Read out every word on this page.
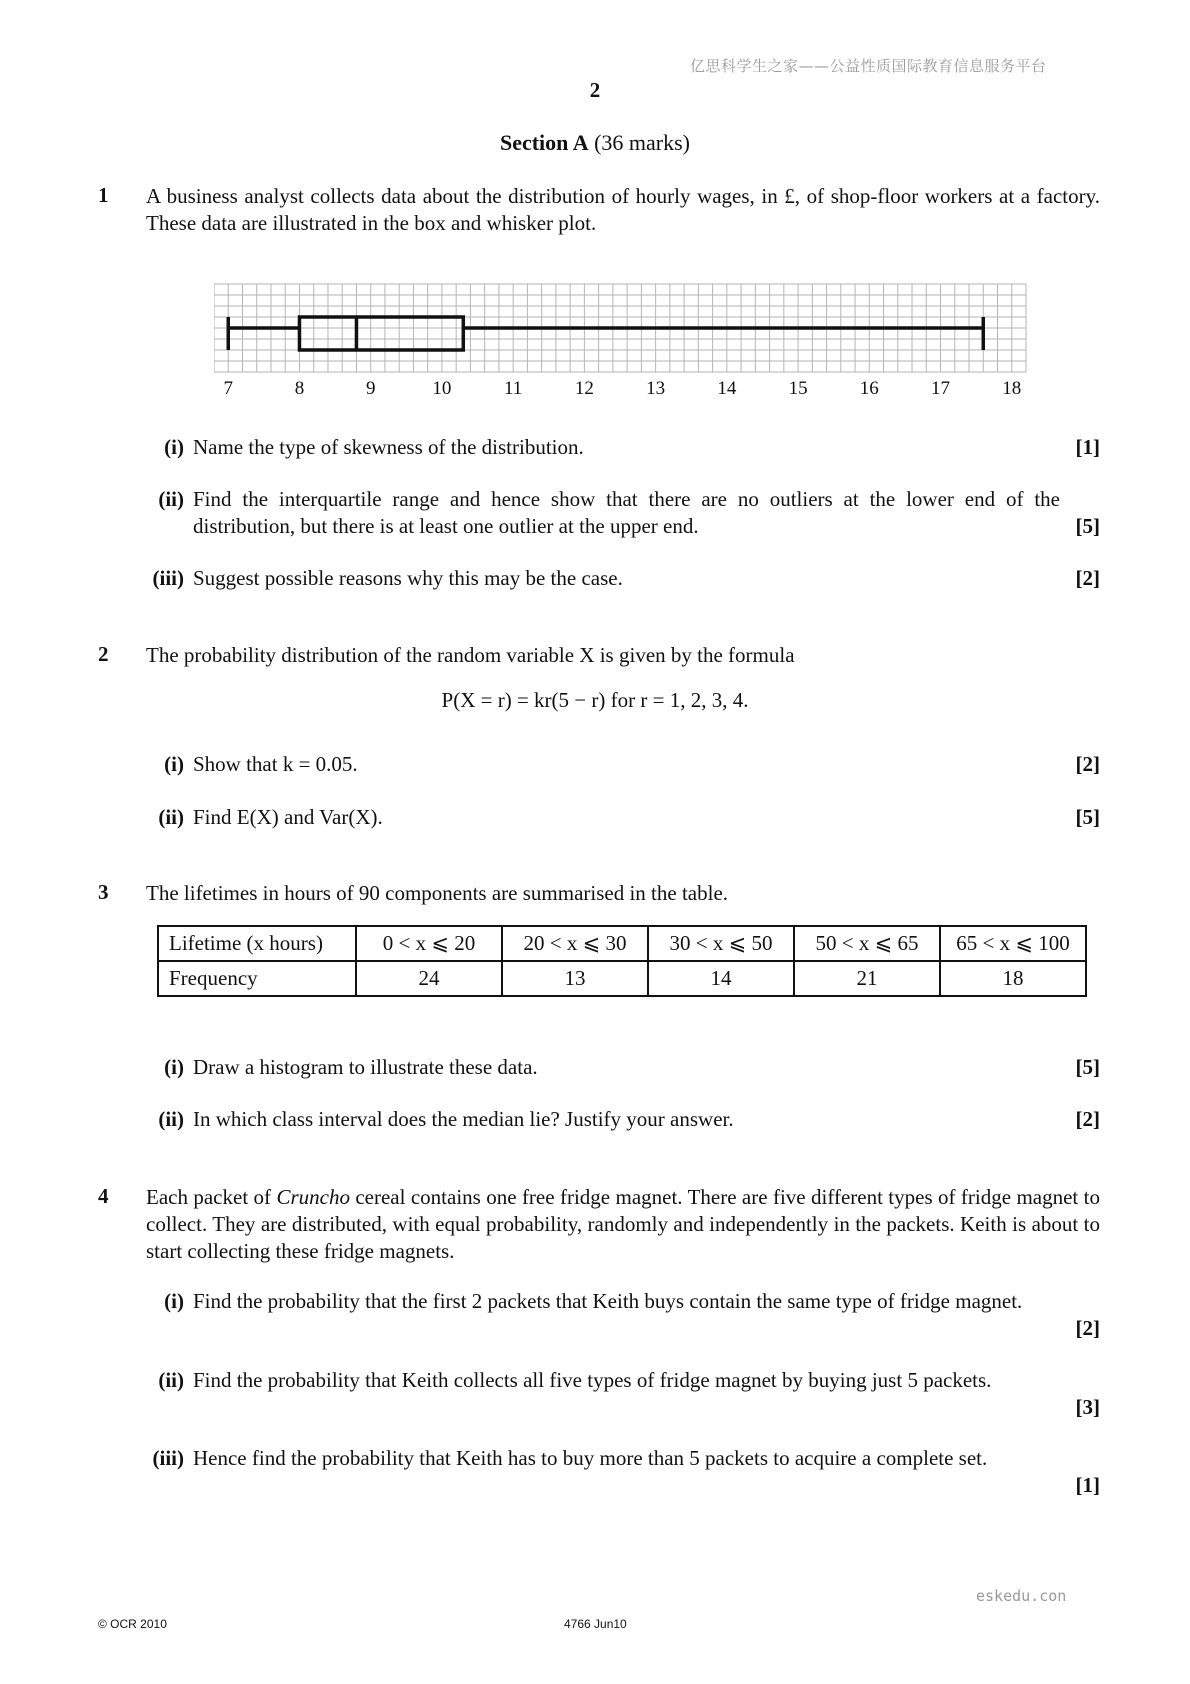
亿思科学生之家——公益性质国际教育信息服务平台
2
Section A (36 marks)
1 A business analyst collects data about the distribution of hourly wages, in £, of shop-floor workers at a factory. These data are illustrated in the box and whisker plot.
7	8	9	10	11	12	13	14	15	16	17	18
(i) Name the type of skewness of the distribution.	[1]
(ii) Find the interquartile range and hence show that there are no outliers at the lower end of the distribution, but there is at least one outlier at the upper end.	[5]
(iii) Suggest possible reasons why this may be the case.	[2]
2 The probability distribution of the random variable X is given by the formula
P(X = r) = kr(5 − r) for r = 1, 2, 3, 4.
(i) Show that k = 0.05.	[2]
(ii) Find E(X) and Var(X).	[5]
3 The lifetimes in hours of 90 components are summarised in the table.
Lifetime (x hours)	0 < x ⩽ 20	20 < x ⩽ 30	30 < x ⩽ 50	50 < x ⩽ 65	65 < x ⩽ 100
Frequency	24	13	14	21	18
(i) Draw a histogram to illustrate these data.	[5]
(ii) In which class interval does the median lie? Justify your answer.	[2]
4 Each packet of Cruncho cereal contains one free fridge magnet. There are five different types of fridge magnet to collect. They are distributed, with equal probability, randomly and independently in the packets. Keith is about to start collecting these fridge magnets.
(i) Find the probability that the first 2 packets that Keith buys contain the same type of fridge magnet.
[2]
(ii) Find the probability that Keith collects all five types of fridge magnet by buying just 5 packets.
[3]
(iii) Hence find the probability that Keith has to buy more than 5 packets to acquire a complete set.
[1]
eskedu.con
© OCR 2010	4766 Jun10
